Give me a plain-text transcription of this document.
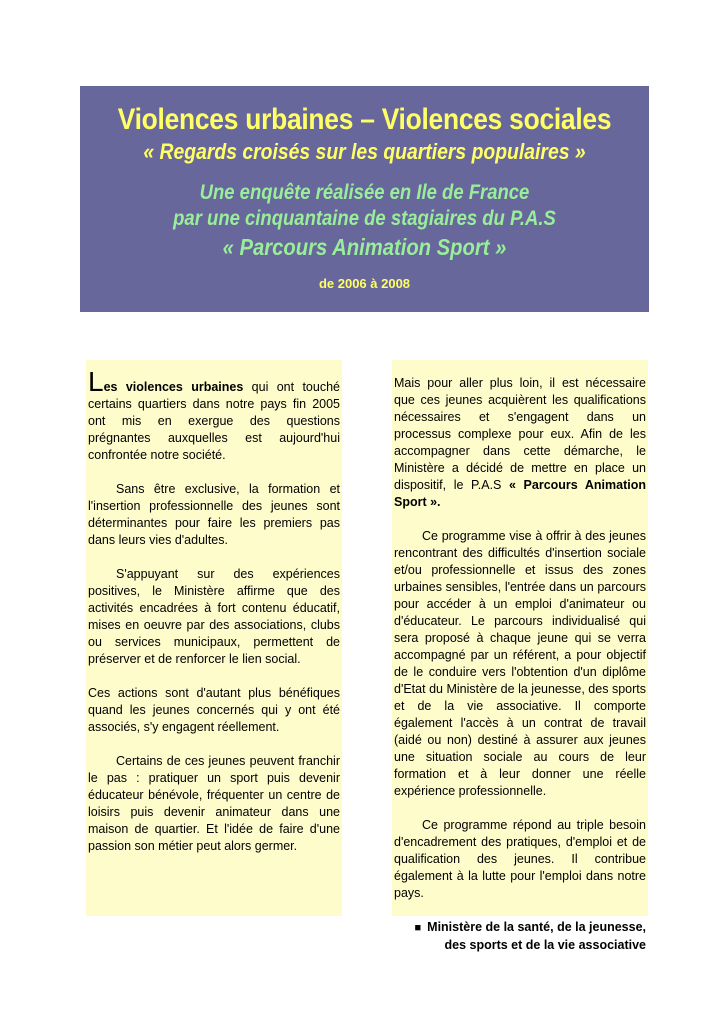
Violences urbaines – Violences sociales
« Regards croisés sur les quartiers populaires »
Une enquête réalisée en Ile de France
par une cinquantaine de stagiaires du P.A.S
« Parcours Animation Sport »
de 2006 à 2008

Les violences urbaines qui ont touché certains quartiers dans notre pays fin 2005 ont mis en exergue des questions prégnantes auxquelles est aujourd'hui confrontée notre société.

Sans être exclusive, la formation et l'insertion professionnelle des jeunes sont déterminantes pour faire les premiers pas dans leurs vies d'adultes.

S'appuyant sur des expériences positives, le Ministère affirme que des activités encadrées à fort contenu éducatif, mises en oeuvre par des associations, clubs ou services municipaux, permettent de préserver et de renforcer le lien social.

Ces actions sont d'autant plus bénéfiques quand les jeunes concernés qui y ont été associés, s'y engagent réellement.

Certains de ces jeunes peuvent franchir le pas : pratiquer un sport puis devenir éducateur bénévole, fréquenter un centre de loisirs puis devenir animateur dans une maison de quartier. Et l'idée de faire d'une passion son métier peut alors germer.

Mais pour aller plus loin, il est nécessaire que ces jeunes acquièrent les qualifications nécessaires et s'engagent dans un processus complexe pour eux. Afin de les accompagner dans cette démarche, le Ministère a décidé de mettre en place un dispositif, le P.A.S « Parcours Animation Sport ».

Ce programme vise à offrir à des jeunes rencontrant des difficultés d'insertion sociale et/ou professionnelle et issus des zones urbaines sensibles, l'entrée dans un parcours pour accéder à un emploi d'animateur ou d'éducateur. Le parcours individualisé qui sera proposé à chaque jeune qui se verra accompagné par un référent, a pour objectif de le conduire vers l'obtention d'un diplôme d'Etat du Ministère de la jeunesse, des sports et de la vie associative. Il comporte également l'accès à un contrat de travail (aidé ou non) destiné à assurer aux jeunes une situation sociale au cours de leur formation et à leur donner une réelle expérience professionnelle.

Ce programme répond au triple besoin d'encadrement des pratiques, d'emploi et de qualification des jeunes. Il contribue également à la lutte pour l'emploi dans notre pays.

■ Ministère de la santé, de la jeunesse,
des sports et de la vie associative
